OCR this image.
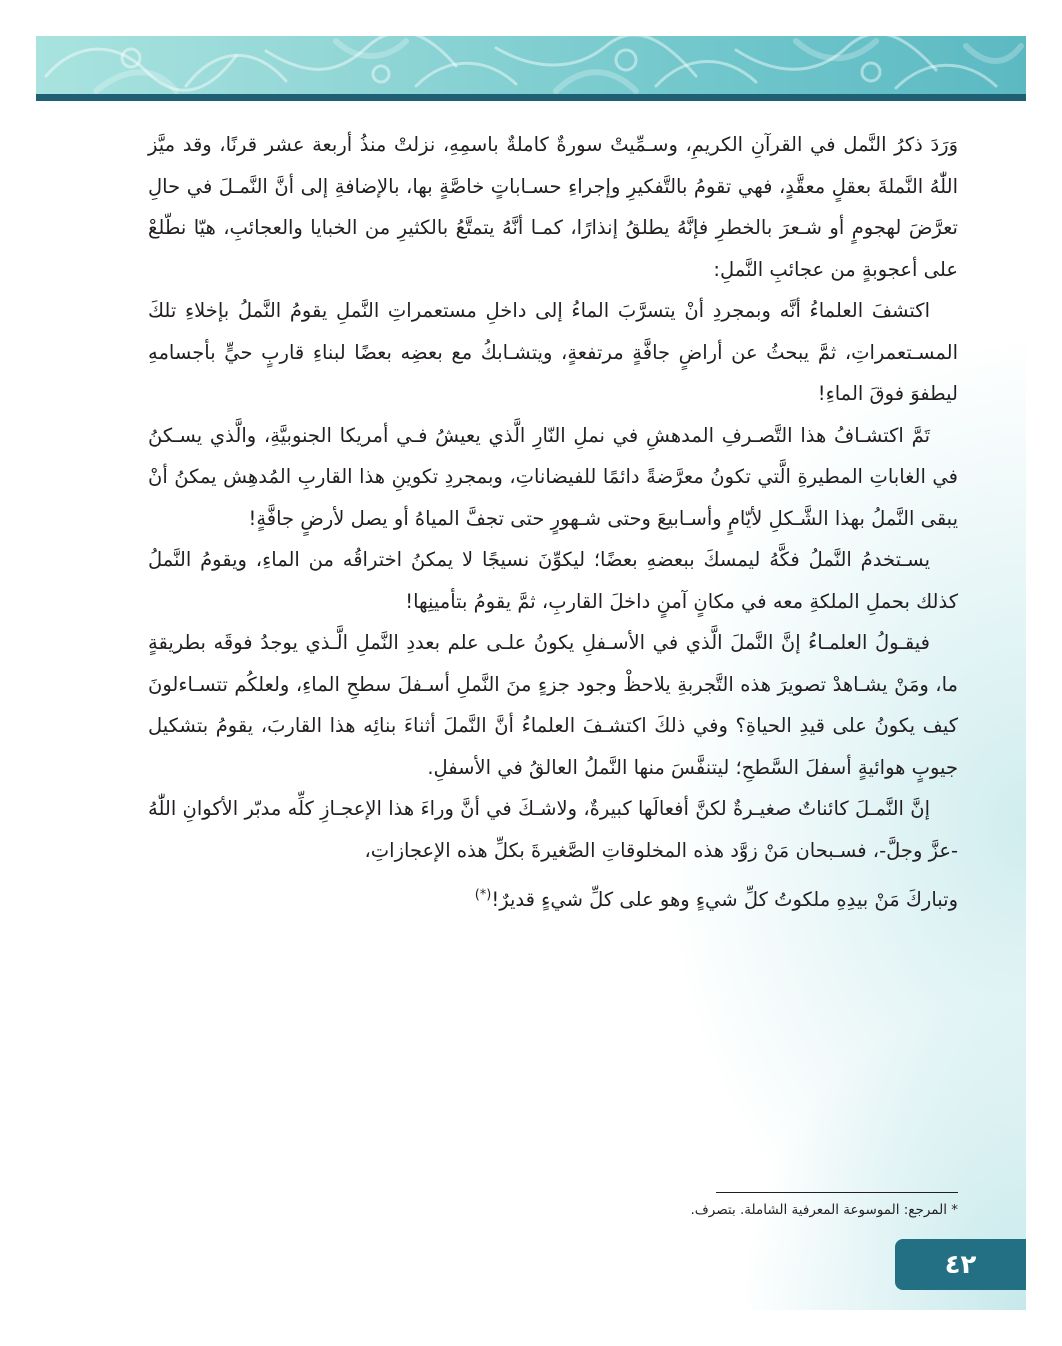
وَرَدَ ذكرُ النَّمل في القرآنِ الكريمِ، وسـمِّيتْ سورةٌ كاملةٌ باسمِهِ، نزلتْ منذُ أربعة عشر قرنًا، وقد ميَّز اللّٰهُ النَّملةَ بعقلٍ معقَّدٍ، فهي تقومُ بالتَّفكيرِ وإجراءِ حسـاباتٍ خاصَّةٍ بها، بالإضافةِ إلى أنَّ النَّمـلَ في حالِ تعرَّضَ لهجومٍ أو شـعرَ بالخطرِ فإنَّهُ يطلقُ إنذارًا، كمـا أنَّهُ يتمتَّعُ بالكثيرِ من الخبايا والعجائبِ، هيّا نطّلعْ على أعجوبةٍ من عجائبِ النَّملِ:

اكتشفَ العلماءُ أنَّه وبمجردِ أنْ يتسرَّبَ الماءُ إلى داخلِ مستعمراتِ النَّملِ يقومُ النَّملُ بإخلاءِ تلكَ المسـتعمراتِ، ثمَّ يبحثُ عن أراضٍ جافَّةٍ مرتفعةٍ، ويتشـابكُ مع بعضِه بعضًا لبناءِ قاربٍ حيٍّ بأجسامهِ ليطفوَ فوقَ الماءِ!

تَمَّ اكتشـافُ هذا التَّصـرفِ المدهشِ في نملِ النّارِ الَّذي يعيشُ فـي أمريكا الجنوبيَّةِ، والَّذي يسـكنُ في الغاباتِ المطيرةِ الَّتي تكونُ معرَّضةً دائمًا للفيضاناتِ، وبمجردِ تكوينِ هذا القاربِ المُدهِش يمكنُ أنْ يبقى النَّملُ بهذا الشَّـكلِ لأيّامٍ وأسـابيعَ وحتى شـهورٍ حتى تجفَّ المياهُ أو يصل لأرضٍ جافَّةٍ!

يسـتخدمُ النَّملُ فكَّهُ ليمسكَ ببعضهِ بعضًا؛ ليكوِّنَ نسيجًا لا يمكنُ اختراقُه من الماءِ، ويقومُ النَّملُ كذلك بحملِ الملكةِ معه في مكانٍ آمنٍ داخلَ القاربِ، ثمَّ يقومُ بتأمينِها!

فيقـولُ العلمـاءُ إنَّ النَّملَ الَّذي في الأسـفلِ يكونُ علـى علم بعددِ النَّملِ الَّـذي يوجدُ فوقَه بطريقةٍ ما، ومَنْ يشـاهدْ تصويرَ هذه التَّجربةِ يلاحظْ وجود جزءٍ منَ النَّملِ أسـفلَ سطحِ الماءِ، ولعلكُم تتسـاءلونَ كيف يكونُ على قيدِ الحياةِ؟ وفي ذلكَ اكتشـفَ العلماءُ أنَّ النَّملَ أثناءَ بنائِه هذا القاربَ، يقومُ بتشكيل جيوبٍ هوائيةٍ أسفلَ السَّطحِ؛ ليتنفَّسَ منها النَّملُ العالقُ في الأسفلِ.

إنَّ النَّمـلَ كائناتٌ صغيـرةٌ لكنَّ أفعالَها كبيرةٌ، ولاشـكَ في أنَّ وراءَ هذا الإعجـازِ كلِّه مدبّر الأكوانِ اللّٰهُ -عزَّ وجلَّ-، فسـبحان مَنْ زوَّد هذه المخلوقاتِ الصَّغيرةَ بكلِّ هذه الإعجازاتِ،

وتباركَ مَنْ بيدِهِ ملكوتُ كلِّ شيءٍ وهو على كلِّ شيءٍ قديرٌ!(*)

* المرجع: الموسوعة المعرفية الشاملة. بتصرف.
٤٢
